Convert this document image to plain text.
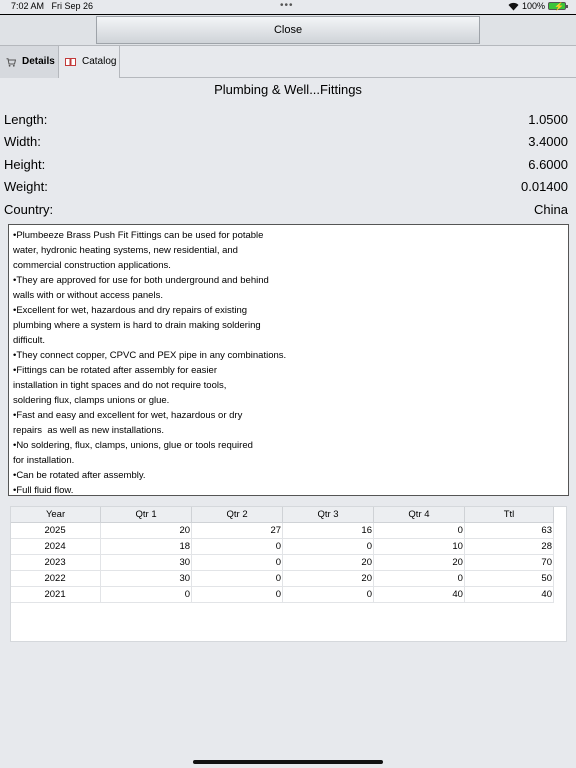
7:02 AM Fri Sep 26	•••	100% ⚡
Close
Details	Catalog
Plumbing & Well...Fittings
Length:	1.0500
Width:	3.4000
Height:	6.6000
Weight:	0.01400
Country:	China
•Plumbeeze Brass Push Fit Fittings can be used for potable
water, hydronic heating systems, new residential, and
commercial construction applications.
•They are approved for use for both underground and behind
walls with or without access panels.
•Excellent for wet, hazardous and dry repairs of existing
plumbing where a system is hard to drain making soldering
difficult.
•They connect copper, CPVC and PEX pipe in any combinations.
•Fittings can be rotated after assembly for easier
installation in tight spaces and do not require tools,
soldering flux, clamps unions or glue.
•Fast and easy and excellent for wet, hazardous or dry
repairs  as well as new installations.
•No soldering, flux, clamps, unions, glue or tools required
for installation.
•Can be rotated after assembly.
•Full fluid flow.
Year	Qtr 1	Qtr 2	Qtr 3	Qtr 4	Ttl
2025	20	27	16	0	63
2024	18	0	0	10	28
2023	30	0	20	20	70
2022	30	0	20	0	50
2021	0	0	0	40	40
